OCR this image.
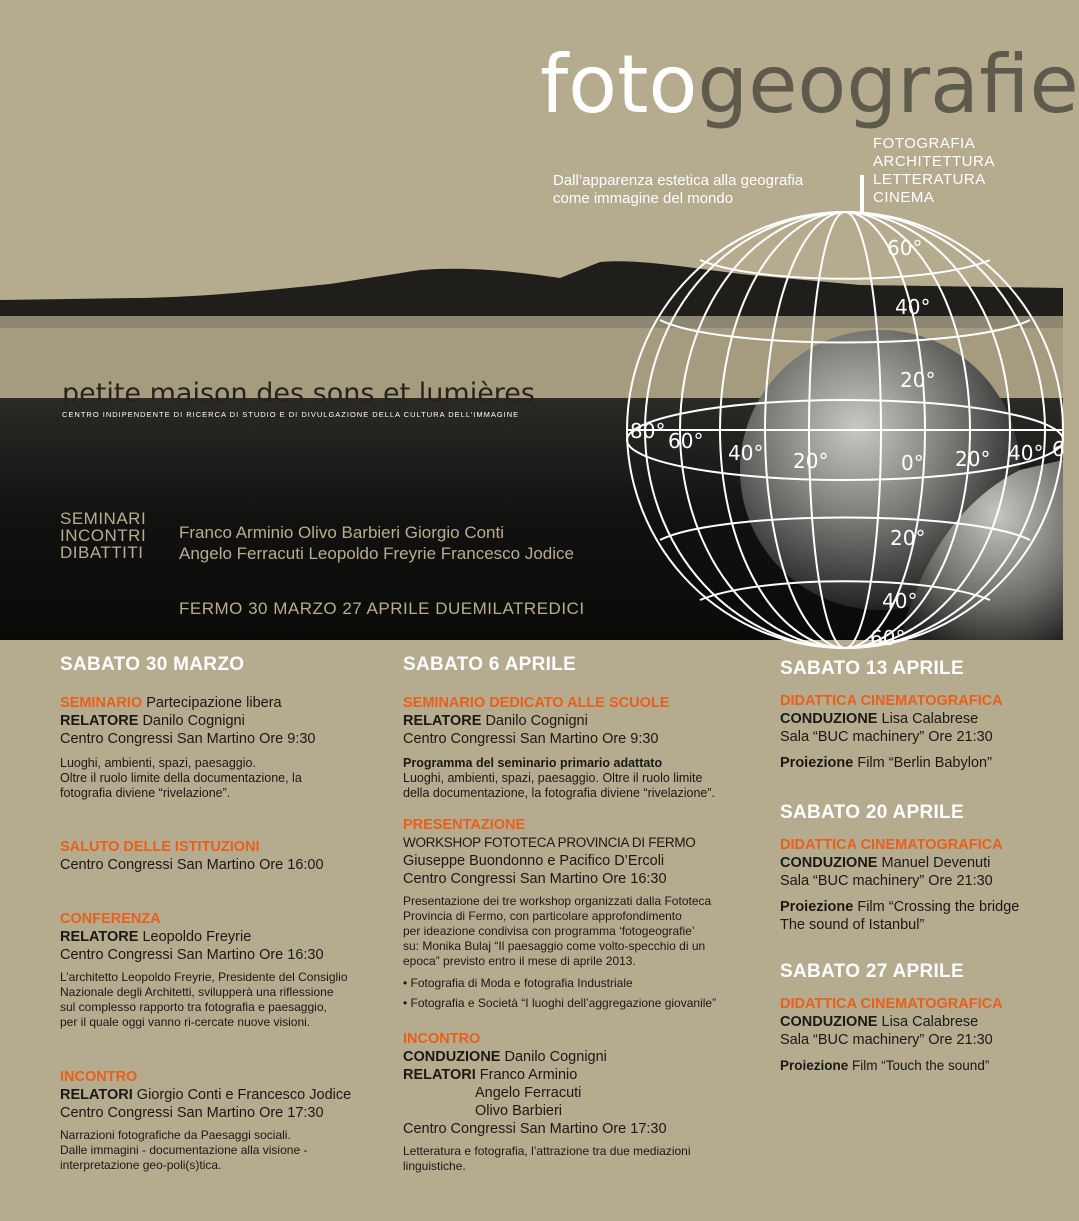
fotogeografie
Dall’apparenza estetica alla geografia
come immagine del mondo
FOTOGRAFIA
ARCHITETTURA
LETTERATURA
CINEMA
60°
40°
20°
20°
40°
60°
80° 60° 40° 20°	0° 20° 40° 6
petite maison des sons et lumières
CENTRO INDIPENDENTE DI RICERCA DI STUDIO E DI DIVULGAZIONE DELLA CULTURA DELL’IMMAGINE
SEMINARI
INCONTRI
DIBATTITI
Franco Arminio Olivo Barbieri Giorgio Conti
Angelo Ferracuti Leopoldo Freyrie Francesco Jodice
FERMO 30 MARZO 27 APRILE DUEMILATREDICI

SABATO 30 MARZO

SEMINARIO Partecipazione libera
RELATORE Danilo Cognigni
Centro Congressi San Martino Ore 9:30
Luoghi, ambienti, spazi, paesaggio.
Oltre il ruolo limite della documentazione, la
fotografia diviene “rivelazione”.
SALUTO DELLE ISTITUZIONI
Centro Congressi San Martino Ore 16:00
CONFERENZA
RELATORE Leopoldo Freyrie
Centro Congressi San Martino Ore 16:30
L’architetto Leopoldo Freyrie, Presidente del Consiglio
Nazionale degli Architetti, svilupperà una riflessione
sul complesso rapporto tra fotografia e paesaggio,
per il quale oggi vanno ri-cercate nuove visioni.
INCONTRO
RELATORI Giorgio Conti e Francesco Jodice
Centro Congressi San Martino Ore 17:30
Narrazioni fotografiche da Paesaggi sociali.
Dalle immagini - documentazione alla visione -
interpretazione geo-poli(s)tica.

SABATO 6 APRILE

SEMINARIO DEDICATO ALLE SCUOLE
RELATORE Danilo Cognigni
Centro Congressi San Martino Ore 9:30
Programma del seminario primario adattato
Luoghi, ambienti, spazi, paesaggio. Oltre il ruolo limite
della documentazione, la fotografia diviene “rivelazione”.
PRESENTAZIONE
WORKSHOP FOTOTECA PROVINCIA DI FERMO
Giuseppe Buondonno e Pacifico D’Ercoli
Centro Congressi San Martino Ore 16:30
Presentazione dei tre workshop organizzati dalla Fototeca
Provincia di Fermo, con particolare approfondimento
per ideazione condivisa con programma ‘fotogeografie’
su: Monika Bulaj “Il paesaggio come volto-specchio di un
epoca” previsto entro il mese di aprile 2013.
• Fotografia di Moda e fotografia Industriale
• Fotografia e Società “I luoghi dell’aggregazione giovanile”
INCONTRO
CONDUZIONE Danilo Cognigni
RELATORI Franco Arminio
Angelo Ferracuti
Olivo Barbieri
Centro Congressi San Martino Ore 17:30
Letteratura e fotografia, l’attrazione tra due mediazioni
linguistiche.

SABATO 13 APRILE

DIDATTICA CINEMATOGRAFICA
CONDUZIONE Lisa Calabrese
Sala “BUC machinery” Ore 21:30
Proiezione Film “Berlin Babylon”

SABATO 20 APRILE

DIDATTICA CINEMATOGRAFICA
CONDUZIONE Manuel Devenuti
Sala “BUC machinery” Ore 21:30
Proiezione Film “Crossing the bridge
The sound of Istanbul”

SABATO 27 APRILE

DIDATTICA CINEMATOGRAFICA
CONDUZIONE Lisa Calabrese
Sala “BUC machinery” Ore 21:30
Proiezione Film “Touch the sound”
